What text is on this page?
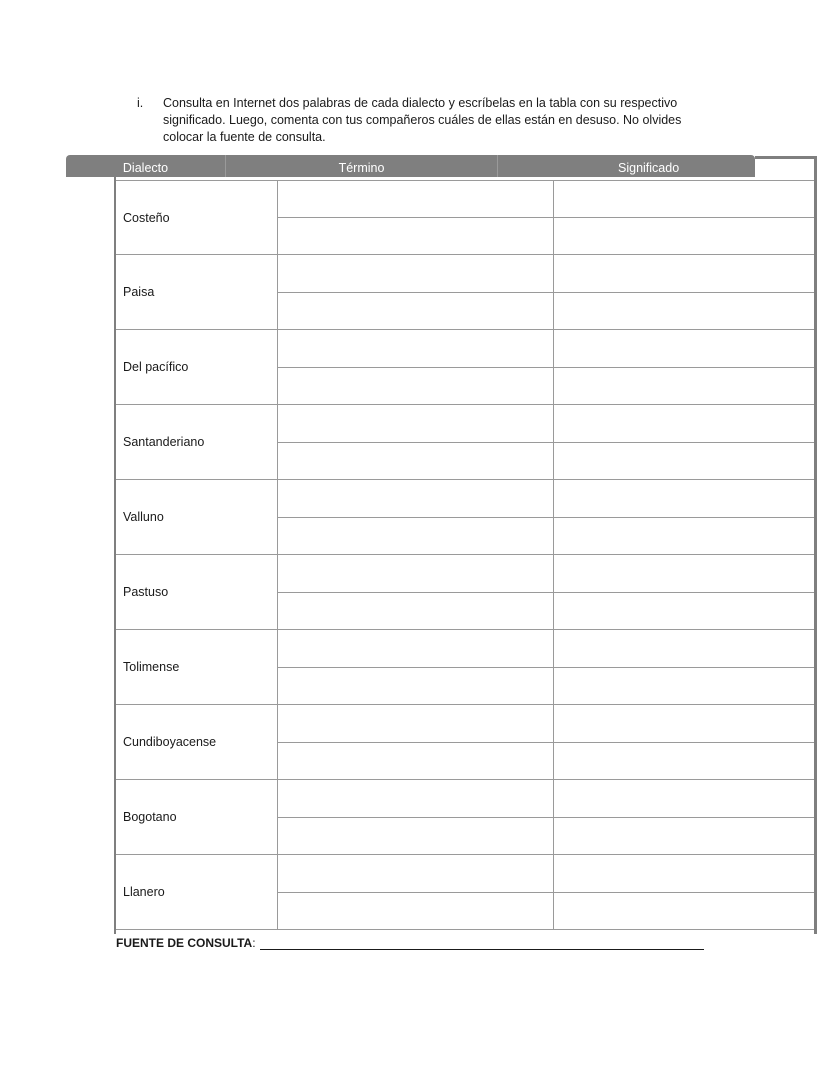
i.	Consulta en Internet dos palabras de cada dialecto y escríbelas en la tabla con su respectivo significado. Luego, comenta con tus compañeros cuáles de ellas están en desuso. No olvides colocar la fuente de consulta.
Dialecto	Término	Significado
Costeño
Paisa
Del pacífico
Santanderiano
Valluno
Pastuso
Tolimense
Cundiboyacense
Bogotano
Llanero
FUENTE DE CONSULTA :
